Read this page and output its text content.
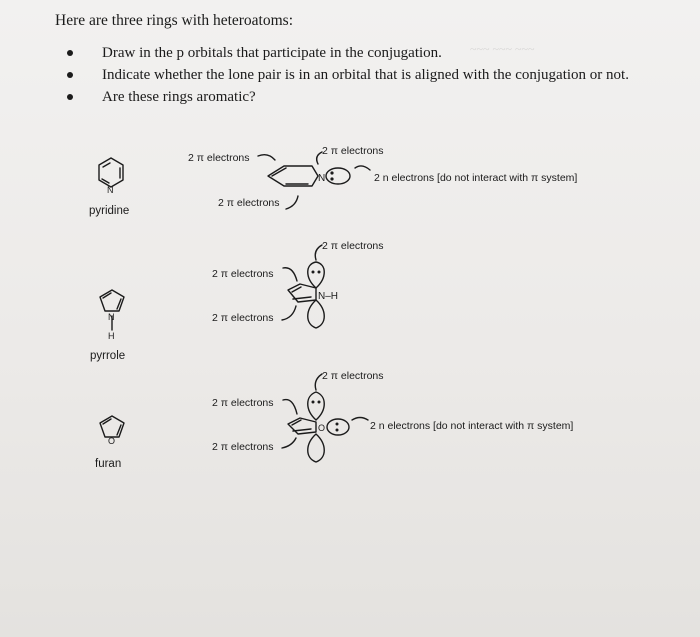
Here are three rings with heteroatoms:
Draw in the p orbitals that participate in the conjugation.
Indicate whether the lone pair is in an orbital that is aligned with the conjugation or not.
Are these rings aromatic?
~~~ ~~~ ~~~
N
N
N
H
N–H
O
O
pyridine
pyrrole
furan
2 π electrons
2 π electrons
2 n electrons [do not interact with π system]
2 π electrons
2 π electrons
2 π electrons
2 π electrons
2 π electrons
2 π electrons
2 n electrons [do not interact with π system]
2 π electrons
